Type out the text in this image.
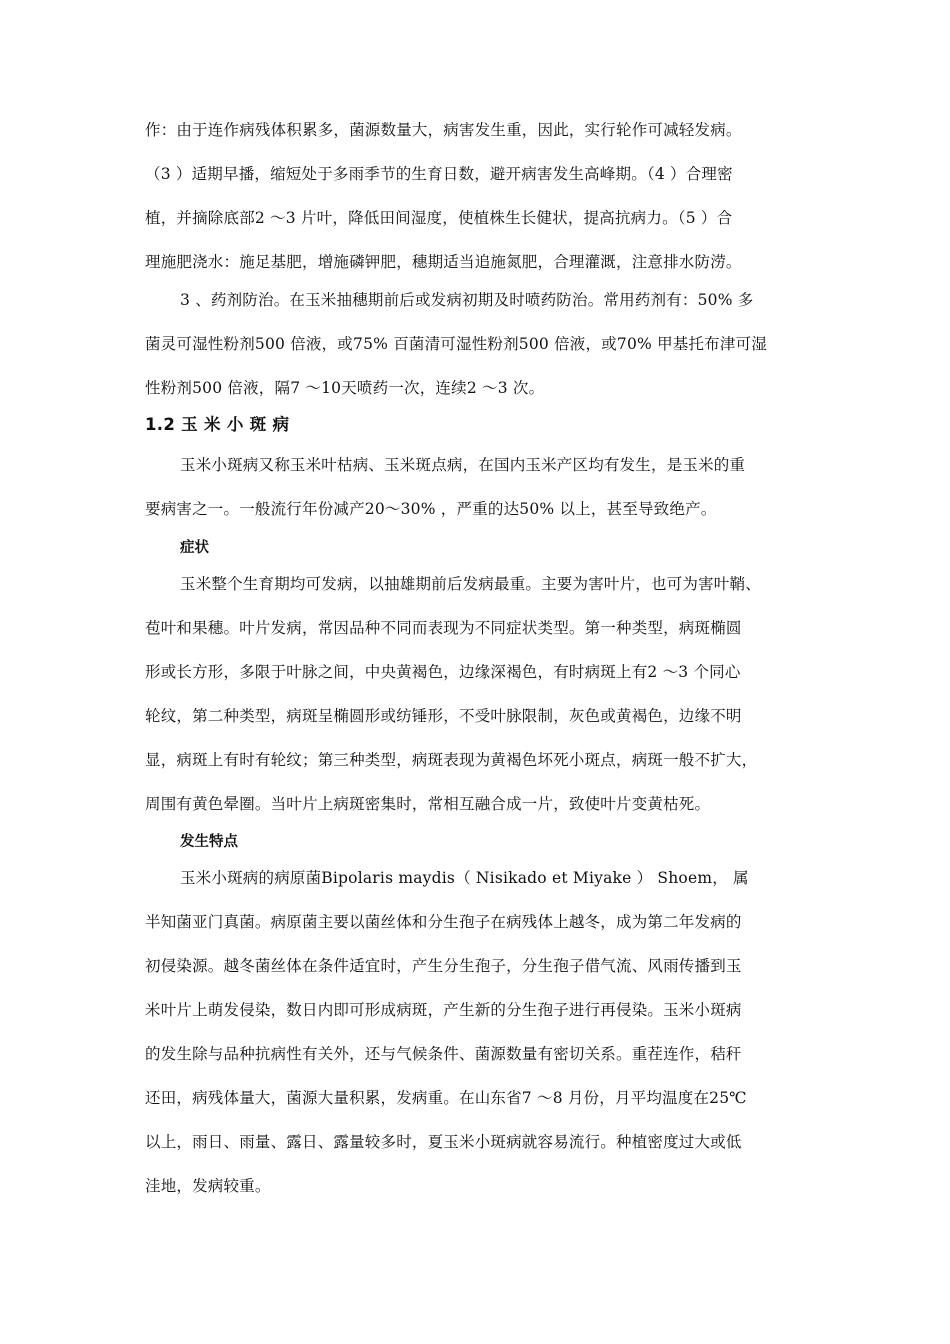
作：由于连作病残体积累多，菌源数量大，病害发生重，因此，实行轮作可减轻发病。
（3 ）适期早播，缩短处于多雨季节的生育日数，避开病害发生高峰期。（4 ）合理密
植，并摘除底部2 ～3 片叶，降低田间湿度，使植株生长健状，提高抗病力。（5 ）合
理施肥浇水：施足基肥，增施磷钾肥，穗期适当追施氮肥，合理灌溉，注意排水防涝。
3 、药剂防治。在玉米抽穗期前后或发病初期及时喷药防治。常用药剂有：50% 多
菌灵可湿性粉剂500 倍液，或75% 百菌清可湿性粉剂500 倍液，或70% 甲基托布津可湿
性粉剂500 倍液，隔7 ～10天喷药一次，连续2 ～3 次。
1.2 玉 米 小 斑 病
玉米小斑病又称玉米叶枯病、玉米斑点病，在国内玉米产区均有发生，是玉米的重
要病害之一。一般流行年份减产20～30% ，严重的达50% 以上，甚至导致绝产。
症状
玉米整个生育期均可发病，以抽雄期前后发病最重。主要为害叶片，也可为害叶鞘、
苞叶和果穗。叶片发病，常因品种不同而表现为不同症状类型。第一种类型，病斑椭圆
形或长方形，多限于叶脉之间，中央黄褐色，边缘深褐色，有时病斑上有2 ～3 个同心
轮纹，第二种类型，病斑呈椭圆形或纺锤形，不受叶脉限制，灰色或黄褐色，边缘不明
显，病斑上有时有轮纹；第三种类型，病斑表现为黄褐色坏死小斑点，病斑一般不扩大，
周围有黄色晕圈。当叶片上病斑密集时，常相互融合成一片，致使叶片变黄枯死。
发生特点
玉米小斑病的病原菌Bipolaris maydis（ Nisikado et Miyake ） Shoem， 属
半知菌亚门真菌。病原菌主要以菌丝体和分生孢子在病残体上越冬，成为第二年发病的
初侵染源。越冬菌丝体在条件适宜时，产生分生孢子，分生孢子借气流、风雨传播到玉
米叶片上萌发侵染，数日内即可形成病斑，产生新的分生孢子进行再侵染。玉米小斑病
的发生除与品种抗病性有关外，还与气候条件、菌源数量有密切关系。重茬连作，秸秆
还田，病残体量大，菌源大量积累，发病重。在山东省7 ～8 月份，月平均温度在25℃
以上，雨日、雨量、露日、露量较多时，夏玉米小斑病就容易流行。种植密度过大或低
洼地，发病较重。
